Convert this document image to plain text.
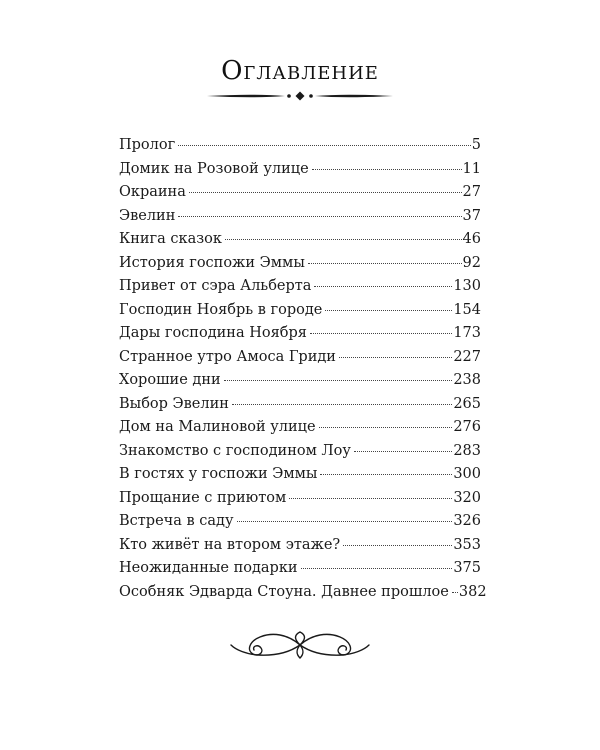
Оглавление
Пролог	5
Домик на Розовой улице	11
Окраина	27
Эвелин	37
Книга сказок	46
История госпожи Эммы	92
Привет от сэра Альберта	130
Господин Ноябрь в городе	154
Дары господина Ноября	173
Странное утро Амоса Гриди	227
Хорошие дни	238
Выбор Эвелин	265
Дом на Малиновой улице	276
Знакомство с господином Лоу	283
В гостях у госпожи Эммы	300
Прощание с приютом	320
Встреча в саду	326
Кто живёт на втором этаже?	353
Неожиданные подарки	375
Особняк Эдварда Стоуна. Давнее прошлое 382
